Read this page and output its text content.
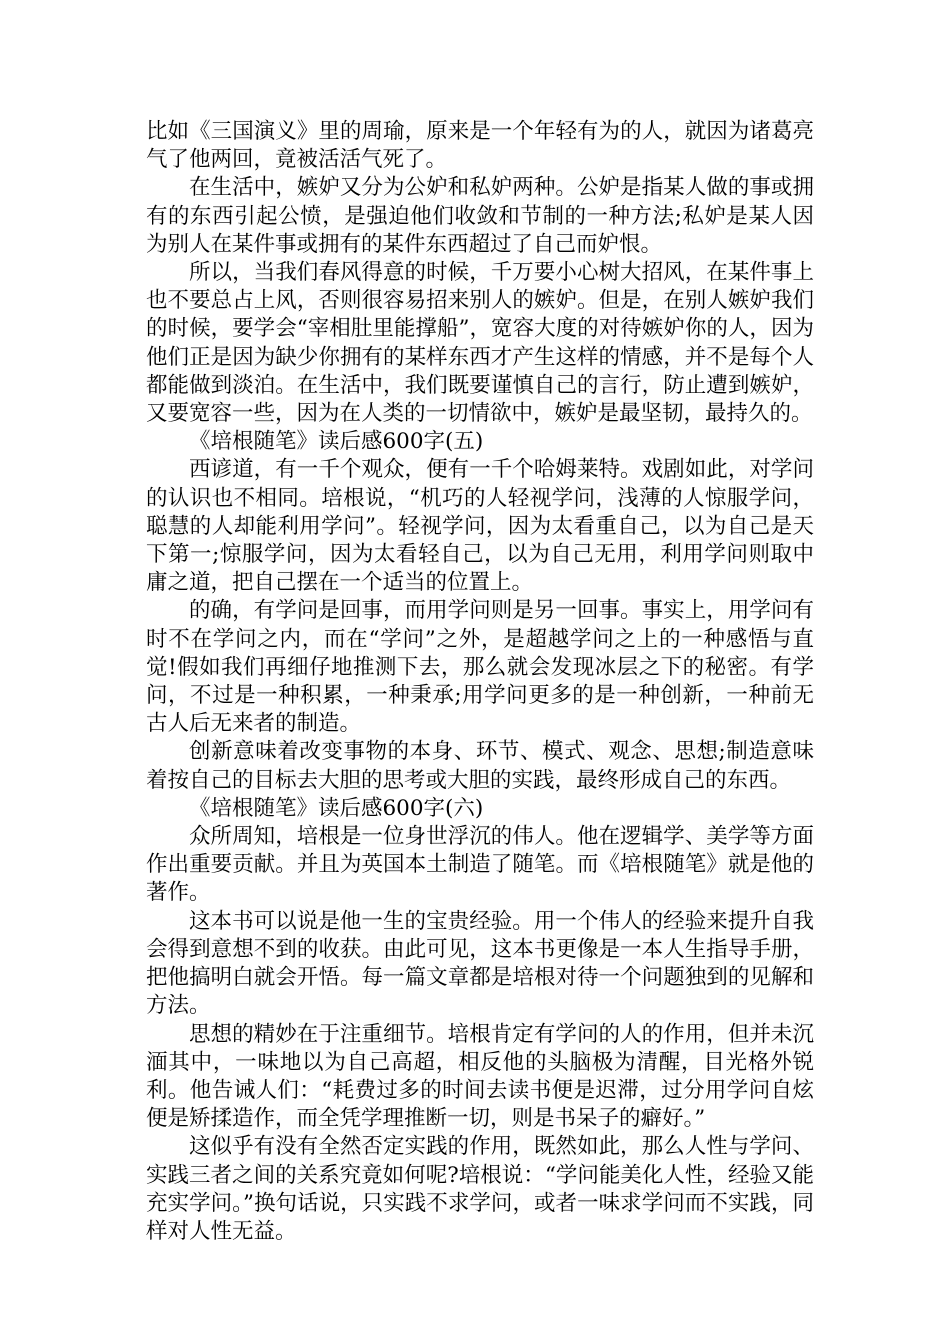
比如《三国演义》里的周瑜，原来是一个年轻有为的人，就因为诸葛亮气了他两回，竟被活活气死了。

在生活中，嫉妒又分为公妒和私妒两种。公妒是指某人做的事或拥有的东西引起公愤，是强迫他们收敛和节制的一种方法;私妒是某人因为别人在某件事或拥有的某件东西超过了自己而妒恨。

所以，当我们春风得意的时候，千万要小心树大招风，在某件事上也不要总占上风，否则很容易招来别人的嫉妒。但是，在别人嫉妒我们的时候，要学会“宰相肚里能撑船”，宽容大度的对待嫉妒你的人，因为他们正是因为缺少你拥有的某样东西才产生这样的情感，并不是每个人都能做到淡泊。在生活中，我们既要谨慎自己的言行，防止遭到嫉妒，又要宽容一些，因为在人类的一切情欲中，嫉妒是最坚韧，最持久的。

《培根随笔》读后感600字(五)

西谚道，有一千个观众，便有一千个哈姆莱特。戏剧如此，对学问的认识也不相同。培根说，“机巧的人轻视学问，浅薄的人惊服学问，聪慧的人却能利用学问”。轻视学问，因为太看重自己，以为自己是天下第一;惊服学问，因为太看轻自己，以为自己无用，利用学问则取中庸之道，把自己摆在一个适当的位置上。

的确，有学问是回事，而用学问则是另一回事。事实上，用学问有时不在学问之内，而在“学问”之外，是超越学问之上的一种感悟与直觉!假如我们再细仔地推测下去，那么就会发现冰层之下的秘密。有学问，不过是一种积累，一种秉承;用学问更多的是一种创新，一种前无古人后无来者的制造。

创新意味着改变事物的本身、环节、模式、观念、思想;制造意味着按自己的目标去大胆的思考或大胆的实践，最终形成自己的东西。

《培根随笔》读后感600字(六)

众所周知，培根是一位身世浮沉的伟人。他在逻辑学、美学等方面作出重要贡献。并且为英国本土制造了随笔。而《培根随笔》就是他的著作。

这本书可以说是他一生的宝贵经验。用一个伟人的经验来提升自我会得到意想不到的收获。由此可见，这本书更像是一本人生指导手册，把他搞明白就会开悟。每一篇文章都是培根对待一个问题独到的见解和方法。

思想的精妙在于注重细节。培根肯定有学问的人的作用，但并未沉湎其中，一味地以为自己高超，相反他的头脑极为清醒，目光格外锐利。他告诫人们：“耗费过多的时间去读书便是迟滞，过分用学问自炫便是矫揉造作，而全凭学理推断一切，则是书呆子的癖好。”

这似乎有没有全然否定实践的作用，既然如此，那么人性与学问、实践三者之间的关系究竟如何呢?培根说：“学问能美化人性，经验又能充实学问。”换句话说，只实践不求学问，或者一味求学问而不实践，同样对人性无益。
